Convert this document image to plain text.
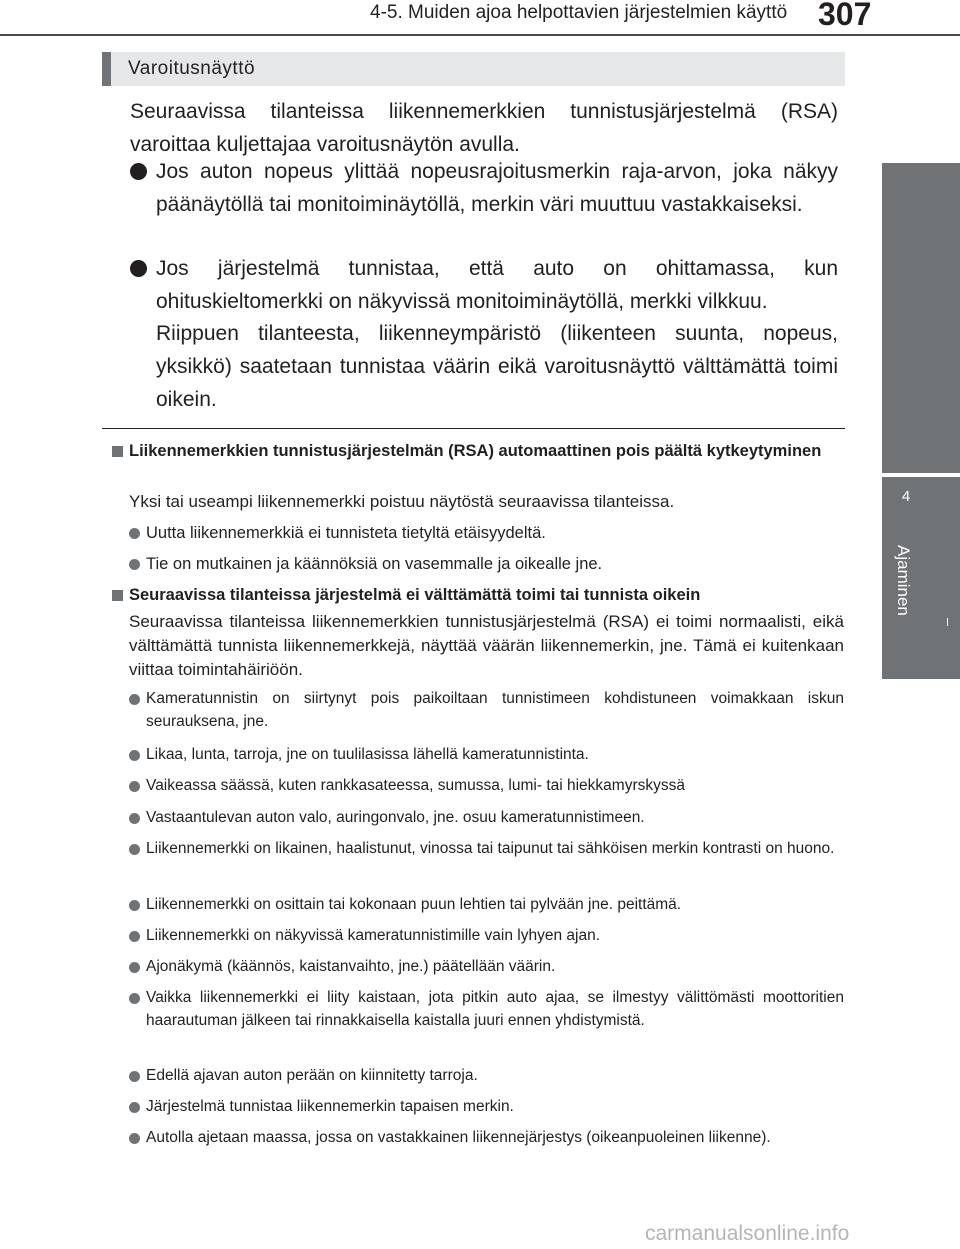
4-5. Muiden ajoa helpottavien järjestelmien käyttö 307
4
Ajaminen
Varoitusnäyttö
Seuraavissa tilanteissa liikennemerkkien tunnistusjärjestelmä (RSA) varoittaa kuljettajaa varoitusnäytön avulla.
Jos auton nopeus ylittää nopeusrajoitusmerkin raja-arvon, joka näkyy päänäytöllä tai monitoiminäytöllä, merkin väri muuttuu vastakkaiseksi.
Jos järjestelmä tunnistaa, että auto on ohittamassa, kun ohituskieltomerkki on näkyvissä monitoiminäytöllä, merkki vilkkuu.
Riippuen tilanteesta, liikenneympäristö (liikenteen suunta, nopeus, yksikkö) saatetaan tunnistaa väärin eikä varoitusnäyttö välttämättä toimi oikein.
Liikennemerkkien tunnistusjärjestelmän (RSA) automaattinen pois päältä kytkeytyminen
Yksi tai useampi liikennemerkki poistuu näytöstä seuraavissa tilanteissa.
Uutta liikennemerkkiä ei tunnisteta tietyltä etäisyydeltä.
Tie on mutkainen ja käännöksiä on vasemmalle ja oikealle jne.
Seuraavissa tilanteissa järjestelmä ei välttämättä toimi tai tunnista oikein
Seuraavissa tilanteissa liikennemerkkien tunnistusjärjestelmä (RSA) ei toimi normaalisti, eikä välttämättä tunnista liikennemerkkejä, näyttää väärän liikennemerkin, jne. Tämä ei kuitenkaan viittaa toimintahäiriöön.
Kameratunnistin on siirtynyt pois paikoiltaan tunnistimeen kohdistuneen voimakkaan iskun seurauksena, jne.
Likaa, lunta, tarroja, jne on tuulilasissa lähellä kameratunnistinta.
Vaikeassa säässä, kuten rankkasateessa, sumussa, lumi- tai hiekkamyrskyssä
Vastaantulevan auton valo, auringonvalo, jne. osuu kameratunnistimeen.
Liikennemerkki on likainen, haalistunut, vinossa tai taipunut tai sähköisen merkin kontrasti on huono.
Liikennemerkki on osittain tai kokonaan puun lehtien tai pylvään jne. peittämä.
Liikennemerkki on näkyvissä kameratunnistimille vain lyhyen ajan.
Ajonäkymä (käännös, kaistanvaihto, jne.) päätellään väärin.
Vaikka liikennemerkki ei liity kaistaan, jota pitkin auto ajaa, se ilmestyy välittömästi moottoritien haarautuman jälkeen tai rinnakkaisella kaistalla juuri ennen yhdistymistä.
Edellä ajavan auton perään on kiinnitetty tarroja.
Järjestelmä tunnistaa liikennemerkin tapaisen merkin.
Autolla ajetaan maassa, jossa on vastakkainen liikennejärjestys (oikeanpuoleinen liikenne).
carmanualsonline.info
